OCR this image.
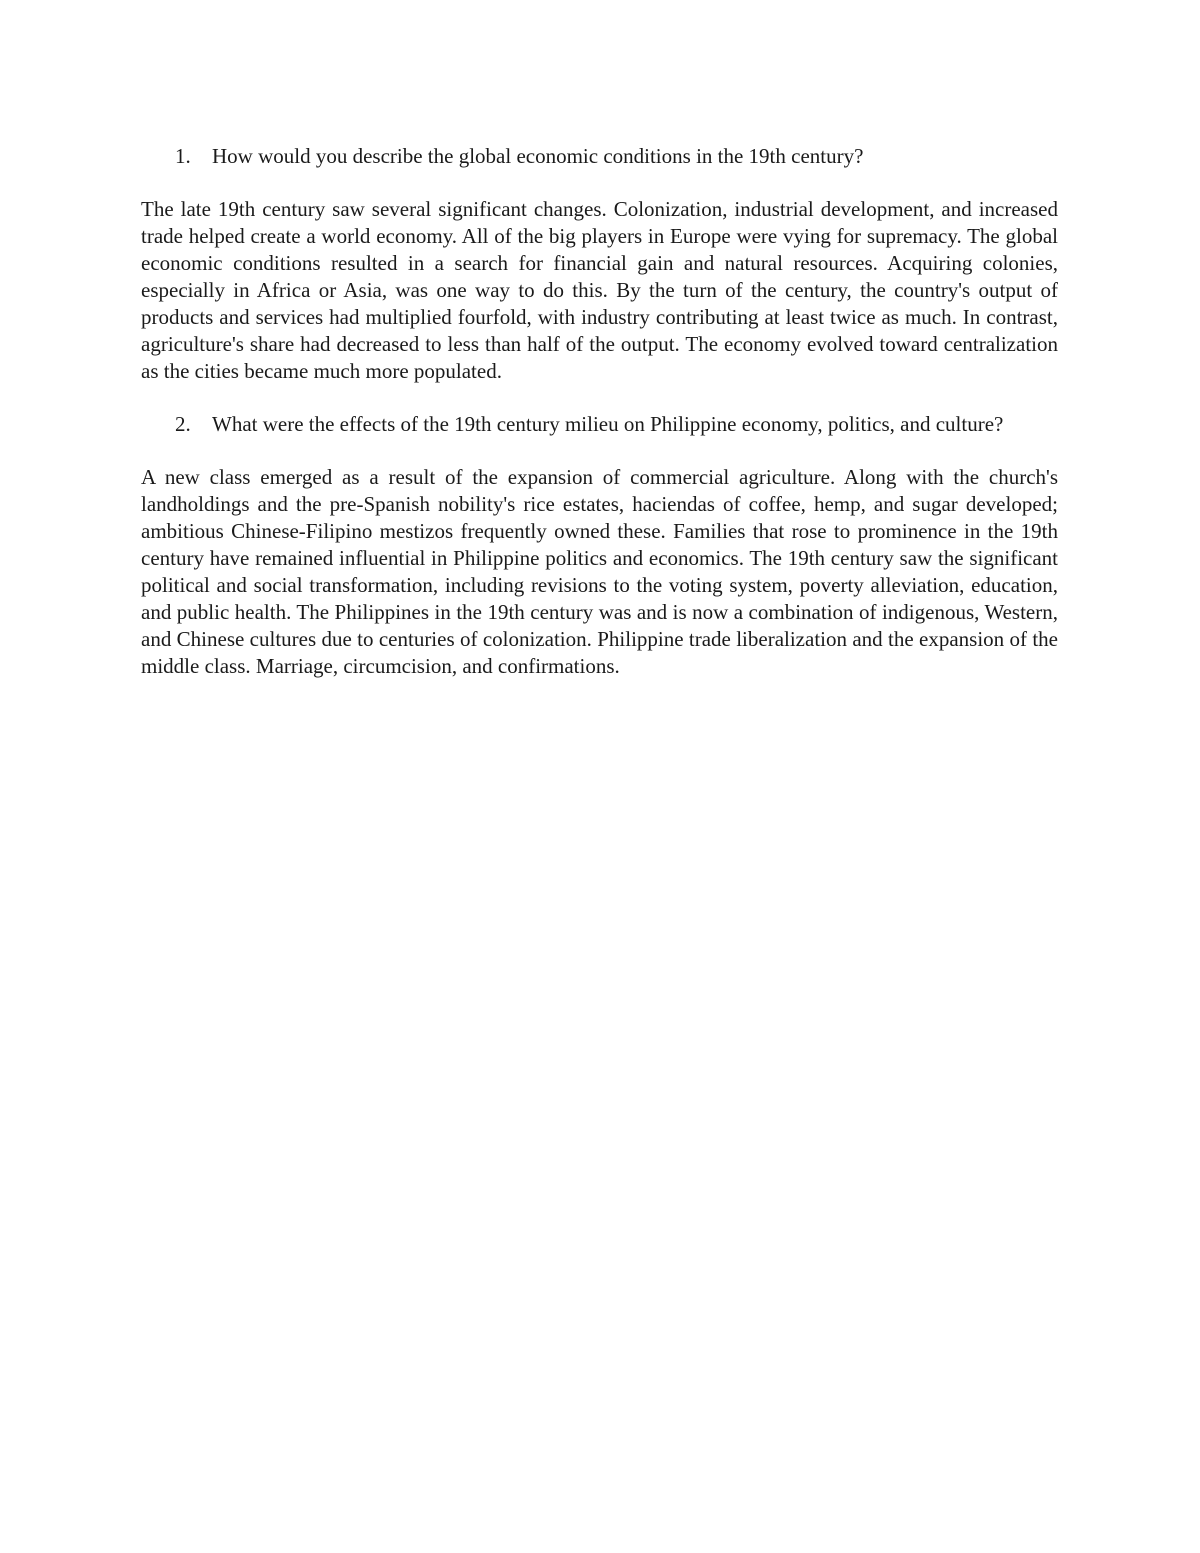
1.	How would you describe the global economic conditions in the 19th century?

The late 19th century saw several significant changes. Colonization, industrial development, and increased trade helped create a world economy. All of the big players in Europe were vying for supremacy. The global economic conditions resulted in a search for financial gain and natural resources. Acquiring colonies, especially in Africa or Asia, was one way to do this. By the turn of the century, the country's output of products and services had multiplied fourfold, with industry contributing at least twice as much. In contrast, agriculture's share had decreased to less than half of the output. The economy evolved toward centralization as the cities became much more populated.

2.	What were the effects of the 19th century milieu on Philippine economy, politics, and culture?

A new class emerged as a result of the expansion of commercial agriculture. Along with the church's landholdings and the pre-Spanish nobility's rice estates, haciendas of coffee, hemp, and sugar developed; ambitious Chinese-Filipino mestizos frequently owned these. Families that rose to prominence in the 19th century have remained influential in Philippine politics and economics. The 19th century saw the significant political and social transformation, including revisions to the voting system, poverty alleviation, education, and public health. The Philippines in the 19th century was and is now a combination of indigenous, Western, and Chinese cultures due to centuries of colonization. Philippine trade liberalization and the expansion of the middle class. Marriage, circumcision, and confirmations.
